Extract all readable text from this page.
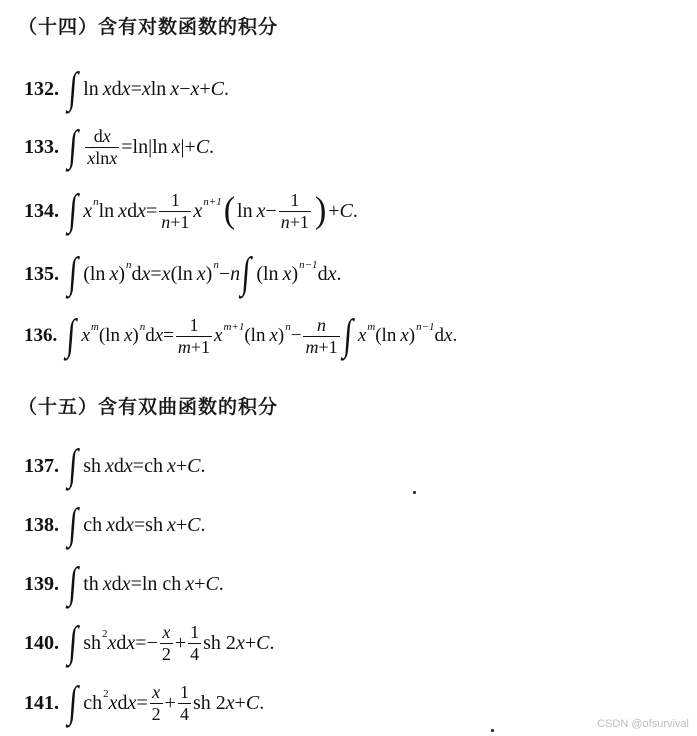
（十四）含有对数函数的积分
132. ∫ ln x d x = x ln x − x + C .
133. ∫ $\frac{dx}{xlnx} =\ln|\ln$ x |+ C .
134. ∫ $x^n$ ln x d $x = \frac{1}{n+1} x^{n+1}$ ( $\ln x - \frac{1}{n+1}$ ) + C .
135. ∫ (ln x )$^n$ d x = x (ln x )$^n$ − n ∫ (ln x )$^{n-1}$ d x .
136. ∫ $x^m$ (ln x )$^n$ d $x = \frac{1}{m+1} x^{m+1}$ (ln x )$^n - \frac{n}{m+1}$ ∫ $x^m$ (ln x )$^{n-1}$ d x .
（十五）含有双曲函数的积分
137. ∫ sh x d x =ch x + C .
138. ∫ ch x d x =sh x + C .
139. ∫ th x d x =ln ch x + C .
140. ∫ $sh^2$ x d $x =- \frac{x}{2} + \frac{1}{4}$ sh 2 x + C .
141. ∫ $ch^2$ x d $x = \frac{x}{2} + \frac{1}{4}$ sh 2 x + C .
CSDN @ofsurvival
